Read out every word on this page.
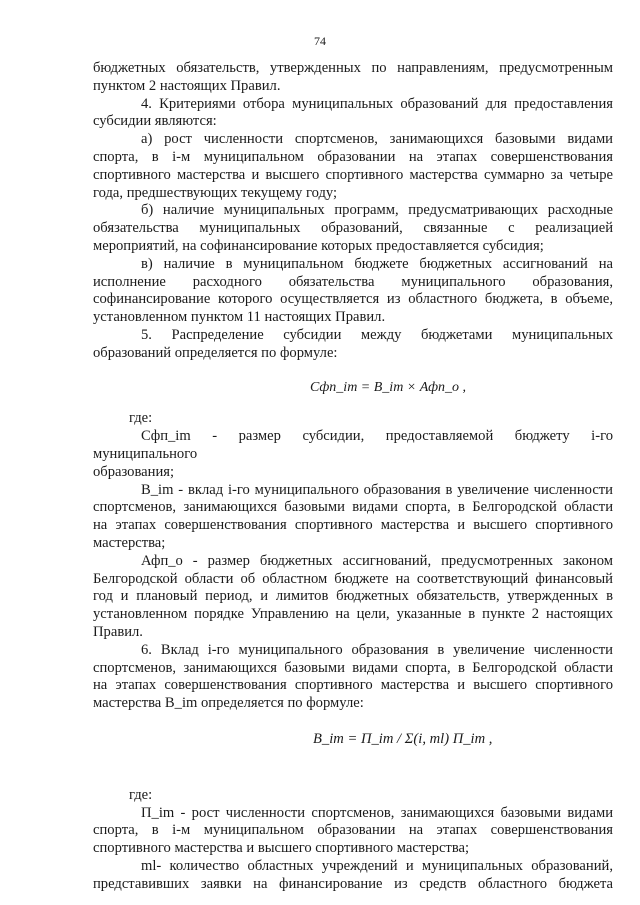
74

бюджетных обязательств, утвержденных по направлениям, предусмотренным

пунктом 2 настоящих Правил.

4. Критериями отбора муниципальных образований для предоставления

субсидии являются:

а) рост численности спортсменов, занимающихся базовыми видами

спорта, в i-м муниципальном образовании на этапах совершенствования

спортивного мастерства и высшего спортивного мастерства суммарно за четыре

года, предшествующих текущему году;

б) наличие муниципальных программ, предусматривающих расходные

обязательства муниципальных образований, связанные с реализацией

мероприятий, на софинансирование которых предоставляется субсидия;

в) наличие в муниципальном бюджете бюджетных ассигнований на

исполнение расходного обязательства муниципального образования,

софинансирование которого осуществляется из областного бюджета, в объеме,

установленном пунктом 11 настоящих Правил.

5. Распределение субсидии между бюджетами муниципальных

образований определяется по формуле:

Сфп_im = B_im × Афп_o ,

где:

Сфп_im - размер субсидии, предоставляемой бюджету i-го муниципального

образования;

B_im - вклад i-го муниципального образования в увеличение численности

спортсменов, занимающихся базовыми видами спорта, в Белгородской области

на этапах совершенствования спортивного мастерства и высшего спортивного

мастерства;

Афп_o - размер бюджетных ассигнований, предусмотренных законом

Белгородской области об областном бюджете на соответствующий финансовый

год и плановый период, и лимитов бюджетных обязательств, утвержденных в

установленном порядке Управлению на цели, указанные в пункте 2 настоящих

Правил.

6. Вклад i-го муниципального образования в увеличение численности

спортсменов, занимающихся базовыми видами спорта, в Белгородской области

на этапах совершенствования спортивного мастерства и высшего спортивного

мастерства B_im определяется по формуле:

B_im = П_im / Σ(i, ml) П_im ,

где:

П_im - рост численности спортсменов, занимающихся базовыми видами

спорта, в i-м муниципальном образовании на этапах совершенствования

спортивного мастерства и высшего спортивного мастерства;

ml- количество областных учреждений и муниципальных образований,

представивших заявки на финансирование из средств областного бюджета
